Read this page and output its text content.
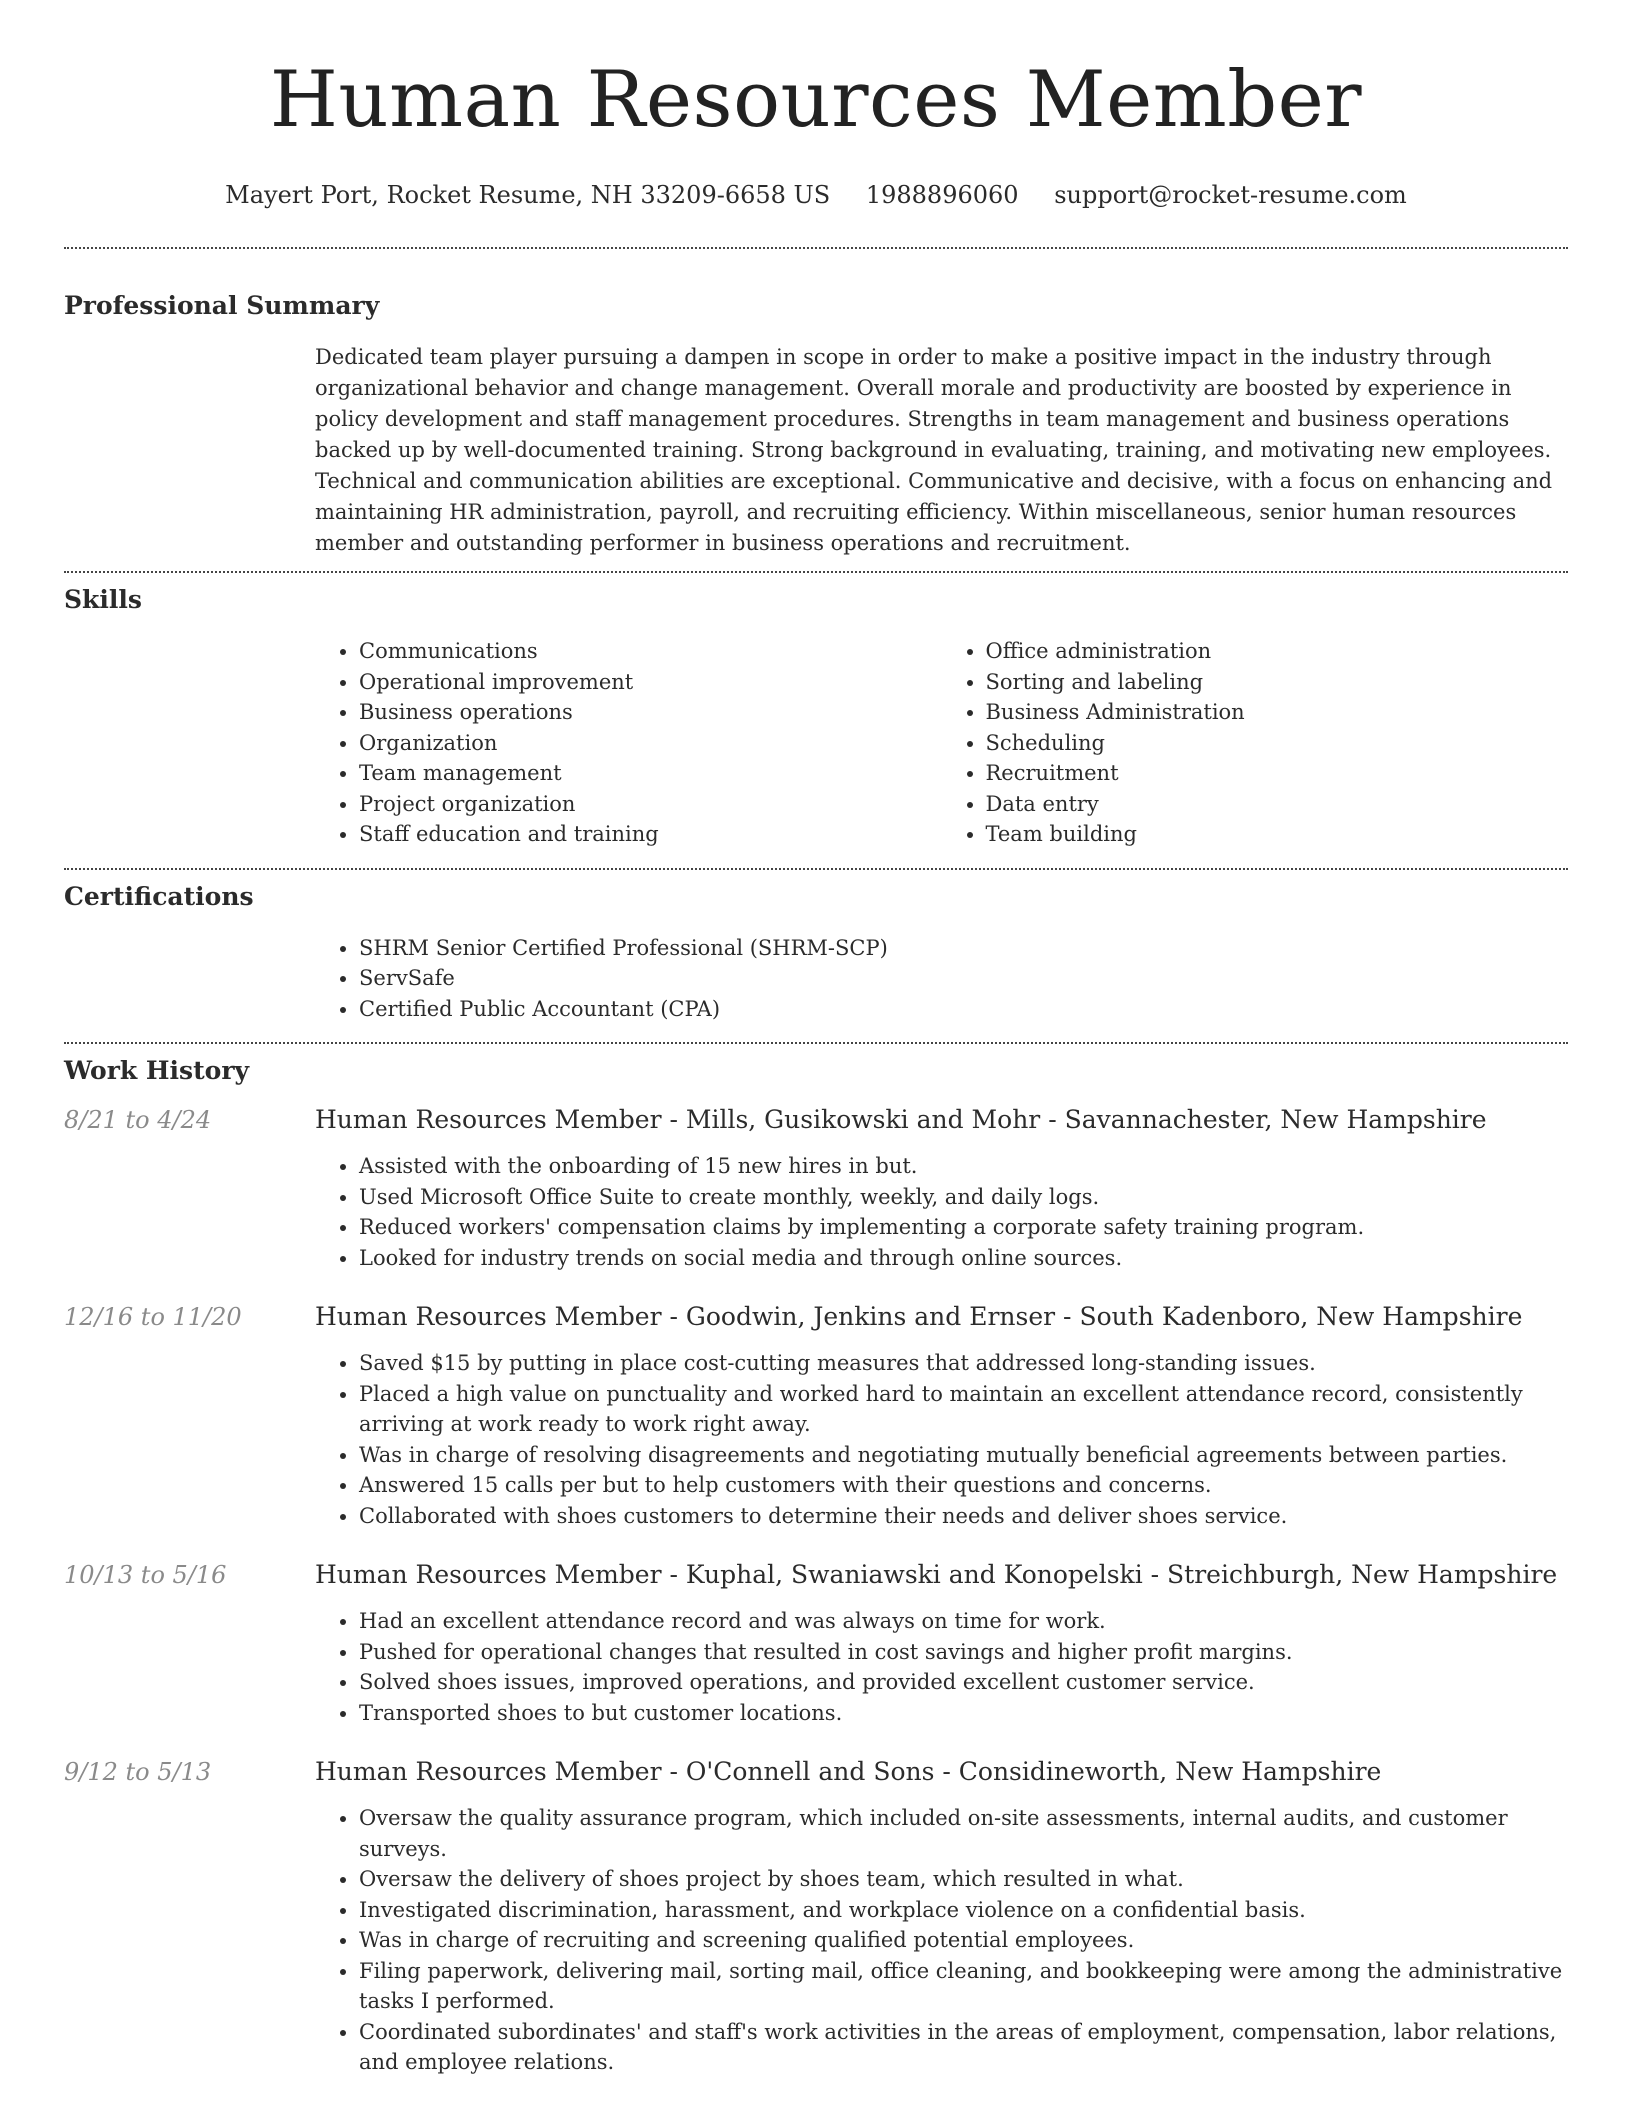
Human Resources Member
Mayert Port, Rocket Resume, NH 33209-6658 US 1988896060 support@rocket-resume.com
Professional Summary
Dedicated team player pursuing a dampen in scope in order to make a positive impact in the industry through organizational behavior and change management. Overall morale and productivity are boosted by experience in policy development and staff management procedures. Strengths in team management and business operations backed up by well-documented training. Strong background in evaluating, training, and motivating new employees. Technical and communication abilities are exceptional. Communicative and decisive, with a focus on enhancing and maintaining HR administration, payroll, and recruiting efficiency. Within miscellaneous, senior human resources member and outstanding performer in business operations and recruitment.
Skills
• Communications
• Operational improvement
• Business operations
• Organization
• Team management
• Project organization
• Staff education and training
• Office administration
• Sorting and labeling
• Business Administration
• Scheduling
• Recruitment
• Data entry
• Team building
Certifications
• SHRM Senior Certified Professional (SHRM-SCP)
• ServSafe
• Certified Public Accountant (CPA)
Work History
8/21 to 4/24	Human Resources Member - Mills, Gusikowski and Mohr - Savannachester, New Hampshire
• Assisted with the onboarding of 15 new hires in but.
• Used Microsoft Office Suite to create monthly, weekly, and daily logs.
• Reduced workers' compensation claims by implementing a corporate safety training program.
• Looked for industry trends on social media and through online sources.
12/16 to 11/20	Human Resources Member - Goodwin, Jenkins and Ernser - South Kadenboro, New Hampshire
• Saved $15 by putting in place cost-cutting measures that addressed long-standing issues.
• Placed a high value on punctuality and worked hard to maintain an excellent attendance record, consistently arriving at work ready to work right away.
• Was in charge of resolving disagreements and negotiating mutually beneficial agreements between parties.
• Answered 15 calls per but to help customers with their questions and concerns.
• Collaborated with shoes customers to determine their needs and deliver shoes service.
10/13 to 5/16	Human Resources Member - Kuphal, Swaniawski and Konopelski - Streichburgh, New Hampshire
• Had an excellent attendance record and was always on time for work.
• Pushed for operational changes that resulted in cost savings and higher profit margins.
• Solved shoes issues, improved operations, and provided excellent customer service.
• Transported shoes to but customer locations.
9/12 to 5/13	Human Resources Member - O'Connell and Sons - Considineworth, New Hampshire
• Oversaw the quality assurance program, which included on-site assessments, internal audits, and customer surveys.
• Oversaw the delivery of shoes project by shoes team, which resulted in what.
• Investigated discrimination, harassment, and workplace violence on a confidential basis.
• Was in charge of recruiting and screening qualified potential employees.
• Filing paperwork, delivering mail, sorting mail, office cleaning, and bookkeeping were among the administrative tasks I performed.
• Coordinated subordinates' and staff's work activities in the areas of employment, compensation, labor relations, and employee relations.
